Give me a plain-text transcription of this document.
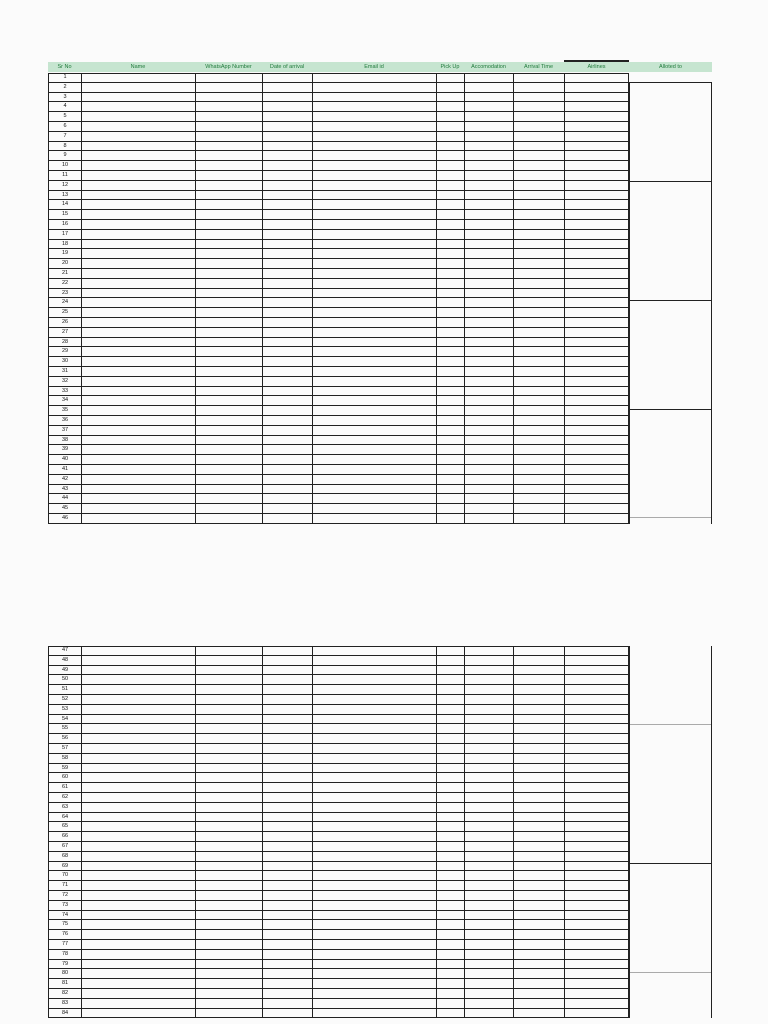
Sr No	Name	WhatsApp Number	Date of arrival	Email id	Pick Up	Accomodation	Arrival Time	Airlines	Alloted to
1
2
3
4
5
6
7
8
9
10
11
12
13
14
15
16
17
18
19
20
21
22
23
24
25
26
27
28
29
30
31
32
33
34
35
36
37
38
39
40
41
42
43
44
45
46
47
48
49
50
51
52
53
54
55
56
57
58
59
60
61
62
63
64
65
66
67
68
69
70
71
72
73
74
75
76
77
78
79
80
81
82
83
84
